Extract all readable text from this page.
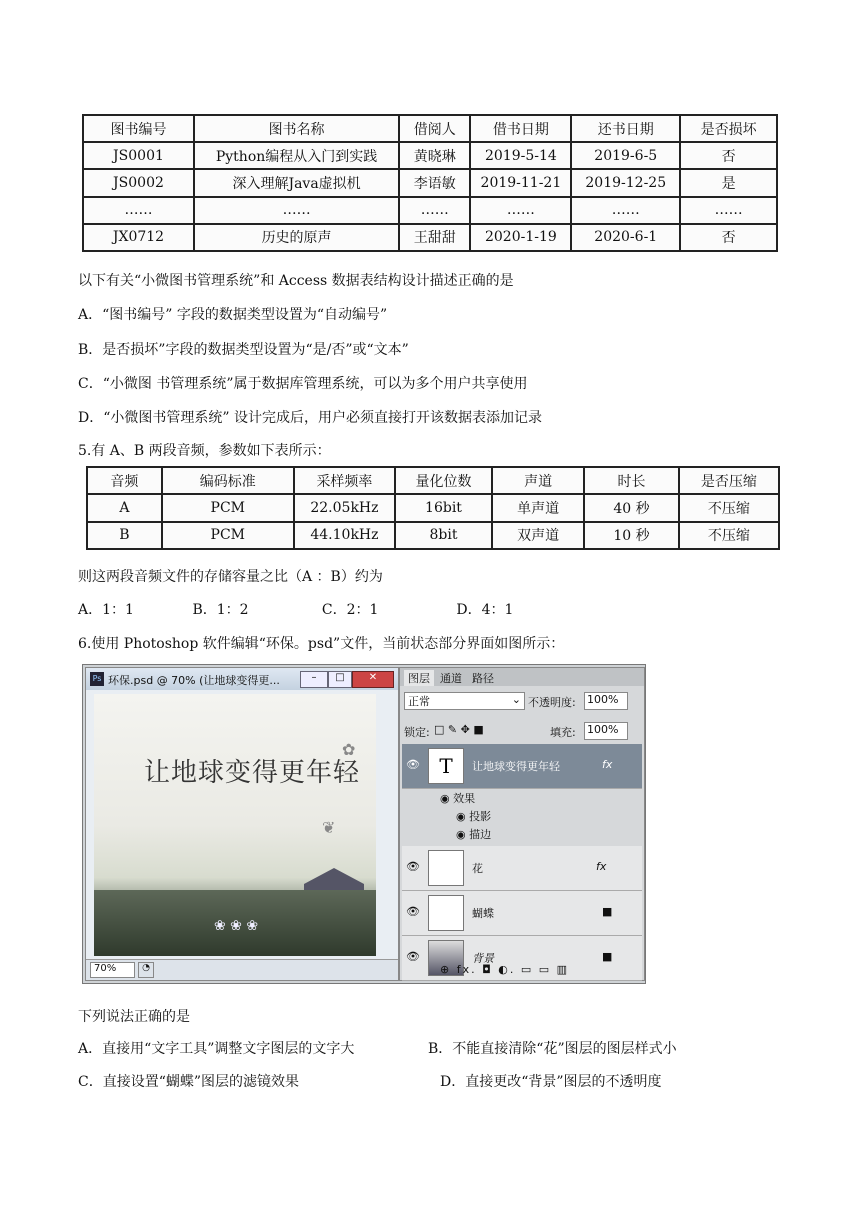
图书编号	图书名称	借阅人	借书日期	还书日期	是否损坏
JS0001	Python编程从入门到实践	黄晓琳	2019-5-14	2019-6-5	否
JS0002	深入理解Java虚拟机	李语敏	2019-11-21	2019-12-25	是
……	……	……	……	……	……
JX0712	历史的原声	王甜甜	2020-1-19	2020-6-1	否
以下有关“小微图书管理系统”和 Access 数据表结构设计描述正确的是
A．“图书编号” 字段的数据类型设置为“自动编号”
B．是否损坏”字段的数据类型设置为“是/否”或“文本”
C．“小微图 书管理系统”属于数据库管理系统，可以为多个用户共享使用
D．“小微图书管理系统” 设计完成后，用户必须直接打开该数据表添加记录
5.有 A、B 两段音频，参数如下表所示：
音频	编码标准	采样频率	量化位数	声道	时长	是否压缩
A	PCM	22.05kHz	16bit	单声道	40 秒	不压缩
B	PCM	44.10kHz	8bit	双声道	10 秒	不压缩
则这两段音频文件的存储容量之比（A ：B）约为
A．1：1	B．1：2	C．2：1	D．4：1
6.使用 Photoshop 软件编辑“环保。psd”文件，当前状态部分界面如图所示：
Ps 环保.psd @ 70% (让地球变得更...	–	□	✕
让地球变得更年轻
✿
❦
❀ ❀ ❀
70%	◔
图层 通道 路径
正常	⌄ 不透明度: 100%
锁定: □ ✎ ✥ ■	填充: 100%
👁 T	让地球变得更年轻	fx
◉ 效果
◉ 投影
◉ 描边
👁	花	fx
👁	蝴蝶	■
👁	背景	■
⊕ fx. ◘ ◐. ▭ ▭ ▥
下列说法正确的是
A．直接用“文字工具”调整文字图层的文字大	B．不能直接清除“花”图层的图层样式小
C．直接设置“蝴蝶”图层的滤镜效果	D．直接更改“背景”图层的不透明度
